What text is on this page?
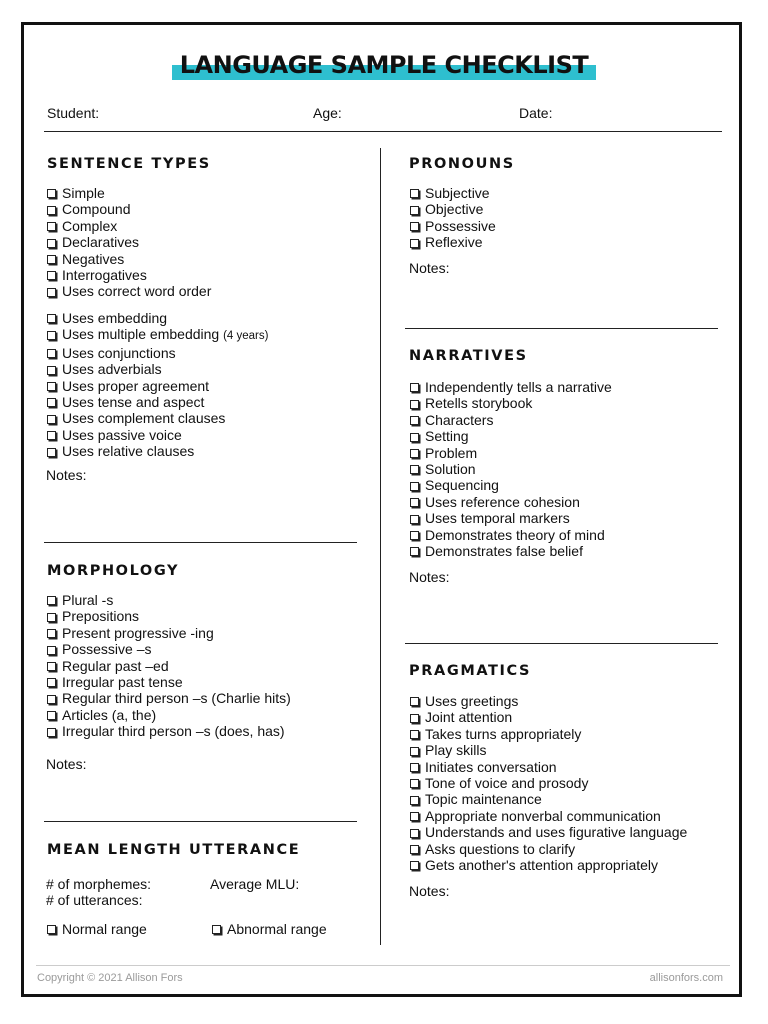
LANGUAGE SAMPLE CHECKLIST
Student:	Age:	Date:
SENTENCE TYPES
Simple
Compound
Complex
Declaratives
Negatives
Interrogatives
Uses correct word order
Uses embedding
Uses multiple embedding (4 years)
Uses conjunctions
Uses adverbials
Uses proper agreement
Uses tense and aspect
Uses complement clauses
Uses passive voice
Uses relative clauses
Notes:
MORPHOLOGY
Plural -s
Prepositions
Present progressive -ing
Possessive –s
Regular past –ed
Irregular past tense
Regular third person –s (Charlie hits)
Articles (a, the)
Irregular third person –s (does, has)
Notes:
MEAN LENGTH UTTERANCE
# of morphemes:
# of utterances:
Average MLU:
Normal range	Abnormal range
PRONOUNS
Subjective
Objective
Possessive
Reflexive
Notes:
NARRATIVES
Independently tells a narrative
Retells storybook
Characters
Setting
Problem
Solution
Sequencing
Uses reference cohesion
Uses temporal markers
Demonstrates theory of mind
Demonstrates false belief
Notes:
PRAGMATICS
Uses greetings
Joint attention
Takes turns appropriately
Play skills
Initiates conversation
Tone of voice and prosody
Topic maintenance
Appropriate nonverbal communication
Understands and uses figurative language
Asks questions to clarify
Gets another's attention appropriately
Notes:
Copyright © 2021 Allison Fors	allisonfors.com
